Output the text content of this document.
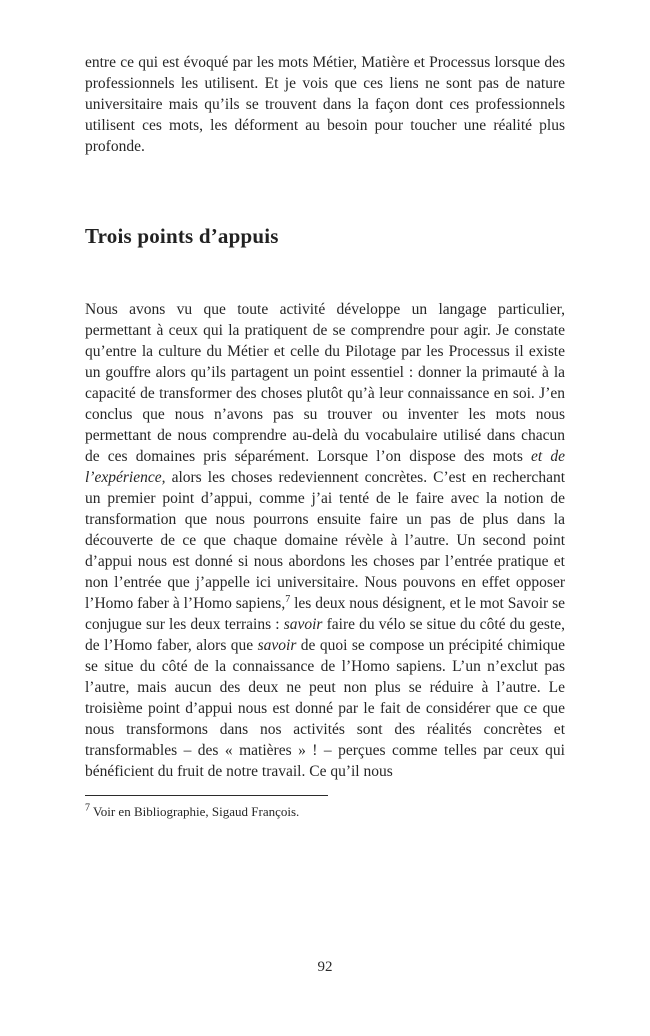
entre ce qui est évoqué par les mots Métier, Matière et Processus lorsque des professionnels les utilisent. Et je vois que ces liens ne sont pas de nature universitaire mais qu’ils se trouvent dans la façon dont ces professionnels utilisent ces mots, les déforment au besoin pour toucher une réalité plus profonde.

Trois points d’appuis

Nous avons vu que toute activité développe un langage particulier, permettant à ceux qui la pratiquent de se comprendre pour agir. Je constate qu’entre la culture du Métier et celle du Pilotage par les Processus il existe un gouffre alors qu’ils partagent un point essentiel : donner la primauté à la capacité de transformer des choses plutôt qu’à leur connaissance en soi. J’en conclus que nous n’avons pas su trouver ou inventer les mots nous permettant de nous comprendre au-delà du vocabulaire utilisé dans chacun de ces domaines pris séparément. Lorsque l’on dispose des mots et de l’expérience, alors les choses redeviennent concrètes. C’est en recherchant un premier point d’appui, comme j’ai tenté de le faire avec la notion de transformation que nous pourrons ensuite faire un pas de plus dans la découverte de ce que chaque domaine révèle à l’autre. Un second point d’appui nous est donné si nous abordons les choses par l’entrée pratique et non l’entrée que j’appelle ici universitaire. Nous pouvons en effet opposer l’Homo faber à l’Homo sapiens,$^7$ les deux nous désignent, et le mot Savoir se conjugue sur les deux terrains : savoir faire du vélo se situe du côté du geste, de l’Homo faber, alors que savoir de quoi se compose un précipité chimique se situe du côté de la connaissance de l’Homo sapiens. L’un n’exclut pas l’autre, mais aucun des deux ne peut non plus se réduire à l’autre. Le troisième point d’appui nous est donné par le fait de considérer que ce que nous transformons dans nos activités sont des réalités concrètes et transformables – des « matières » ! – perçues comme telles par ceux qui bénéficient du fruit de notre travail. Ce qu’il nous

$^7$ Voir en Bibliographie, Sigaud François.

92
